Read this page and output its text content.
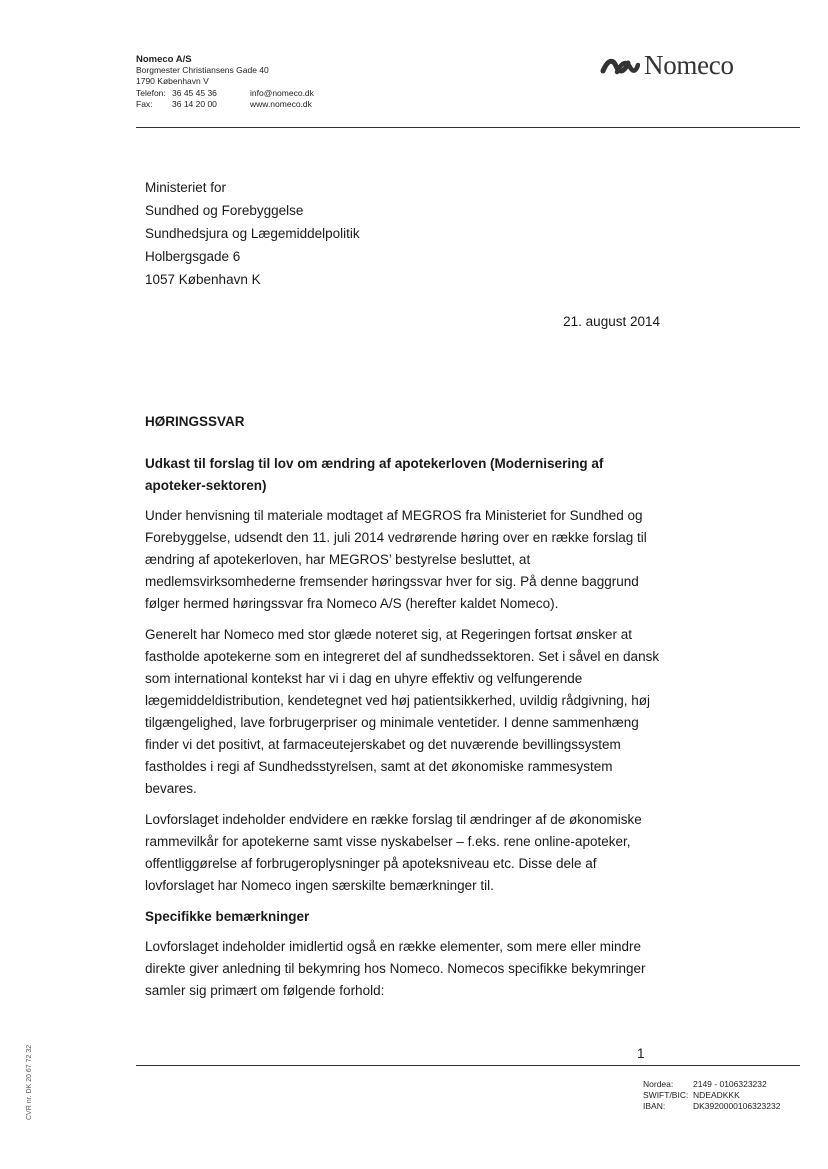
Nomeco A/S
Borgmester Christiansens Gade 40
1790 København V
Telefon: 36 45 45 36	info@nomeco.dk
Fax:	36 14 20 00	www.nomeco.dk
Nomeco
Ministeriet for
Sundhed og Forebyggelse
Sundhedsjura og Lægemiddelpolitik
Holbergsgade 6
1057 København K
21. august 2014
HØRINGSSVAR
Udkast til forslag til lov om ændring af apotekerloven (Modernisering af apoteker-sektoren)

Under henvisning til materiale modtaget af MEGROS fra Ministeriet for Sundhed og Forebyggelse, udsendt den 11. juli 2014 vedrørende høring over en række forslag til ændring af apotekerloven, har MEGROS’ bestyrelse besluttet, at medlemsvirksomhederne fremsender høringssvar hver for sig. På denne baggrund følger hermed høringssvar fra Nomeco A/S (herefter kaldet Nomeco).

Generelt har Nomeco med stor glæde noteret sig, at Regeringen fortsat ønsker at fastholde apotekerne som en integreret del af sundhedssektoren. Set i såvel en dansk som international kontekst har vi i dag en uhyre effektiv og velfungerende lægemiddeldistribution, kendetegnet ved høj patientsikkerhed, uvildig rådgivning, høj tilgængelighed, lave forbrugerpriser og minimale ventetider. I denne sammenhæng finder vi det positivt, at farmaceutejerskabet og det nuværende bevillingssystem fastholdes i regi af Sundhedsstyrelsen, samt at det økonomiske rammesystem bevares.

Lovforslaget indeholder endvidere en række forslag til ændringer af de økonomiske rammevilkår for apotekerne samt visse nyskabelser – f.eks. rene online-apoteker, offentliggørelse af forbrugeroplysninger på apoteksniveau etc. Disse dele af lovforslaget har Nomeco ingen særskilte bemærkninger til.

Specifikke bemærkninger

Lovforslaget indeholder imidlertid også en række elementer, som mere eller mindre direkte giver anledning til bekymring hos Nomeco. Nomecos specifikke bekymringer samler sig primært om følgende forhold:

1
Nordea:	2149 - 0106323232
SWIFT/BIC: NDEADKKK
IBAN:	DK3920000106323232
CVR nr. DK 20 67 72 32
